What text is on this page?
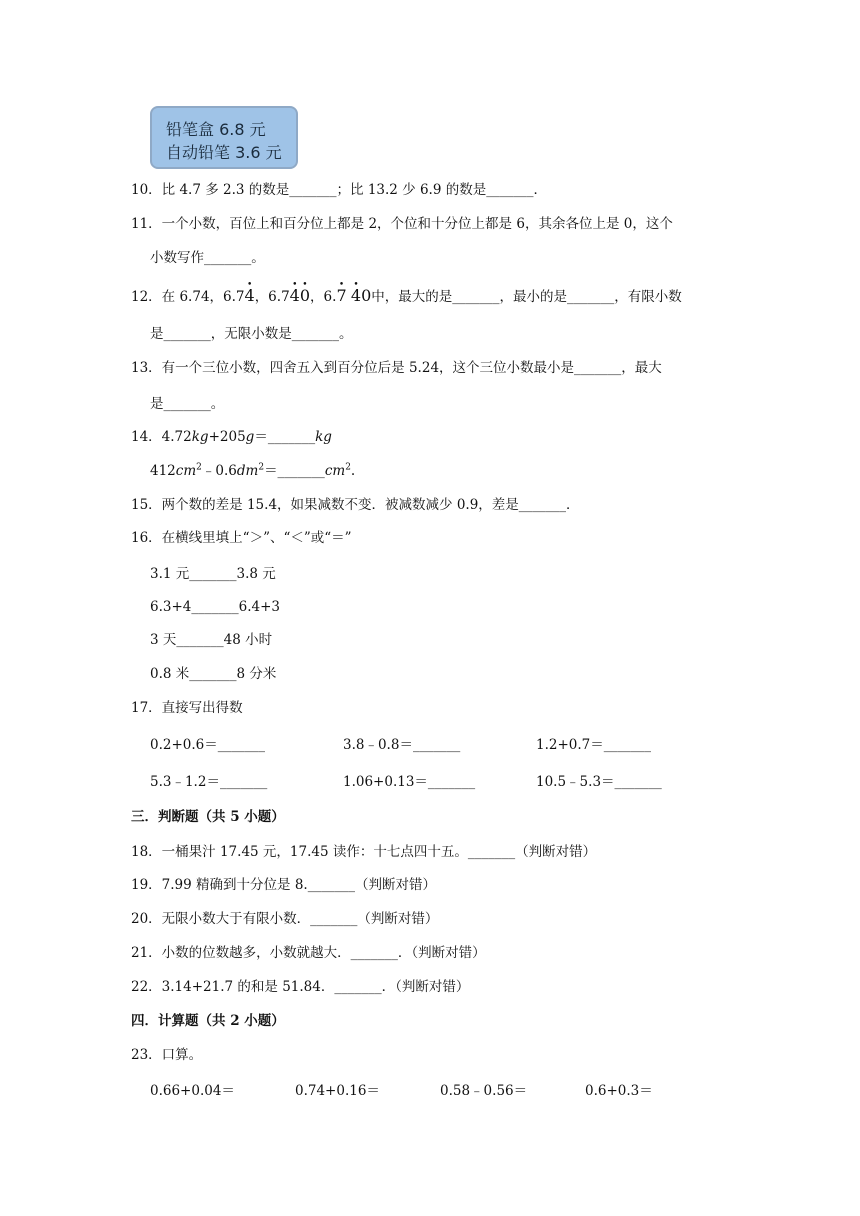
铅笔盒 6.8 元
自动铅笔 3.6 元
10．比 4.7 多 2.3 的数是_______；比 13.2 少 6.9 的数是_______．
11．一个小数，百位上和百分位上都是 2，个位和十分位上都是 6，其余各位上是 0，这个
小数写作_______。
12．在 6.74，6.7• 4，6.7• 4• 0，6.• 7 • 40中，最大的是_______，最小的是_______，有限小数
是_______，无限小数是_______。
13．有一个三位小数，四舍五入到百分位后是 5.24，这个三位小数最小是_______，最大
是_______。
14．4.72kg+205g＝_______kg
$412cm^2﹣0.6dm^2=\_\_\_\_\_\_\_cm^2$.
15．两个数的差是 15.4，如果减数不变．被减数减少 0.9，差是_______．
16．在横线里填上“＞”、“＜”或“＝”
3.1 元_______3.8 元
6.3+4_______6.4+3
3 天_______48 小时
0.8 米_______8 分米
17．直接写出得数
0.2+0.6＝_______	3.8﹣0.8＝_______	1.2+0.7＝_______
5.3﹣1.2＝_______	1.06+0.13＝_______	10.5﹣5.3＝_______
三．判断题（共 5 小题）
18．一桶果汁 17.45 元，17.45 读作：十七点四十五。_______（判断对错）
19．7.99 精确到十分位是 8._______（判断对错）
20．无限小数大于有限小数．_______（判断对错）
21．小数的位数越多，小数就越大．_______．（判断对错）
22．3.14+21.7 的和是 51.84．_______．（判断对错）
四．计算题（共 2 小题）
23．口算。
0.66+0.04＝	0.74+0.16＝	0.58﹣0.56＝	0.6+0.3＝
